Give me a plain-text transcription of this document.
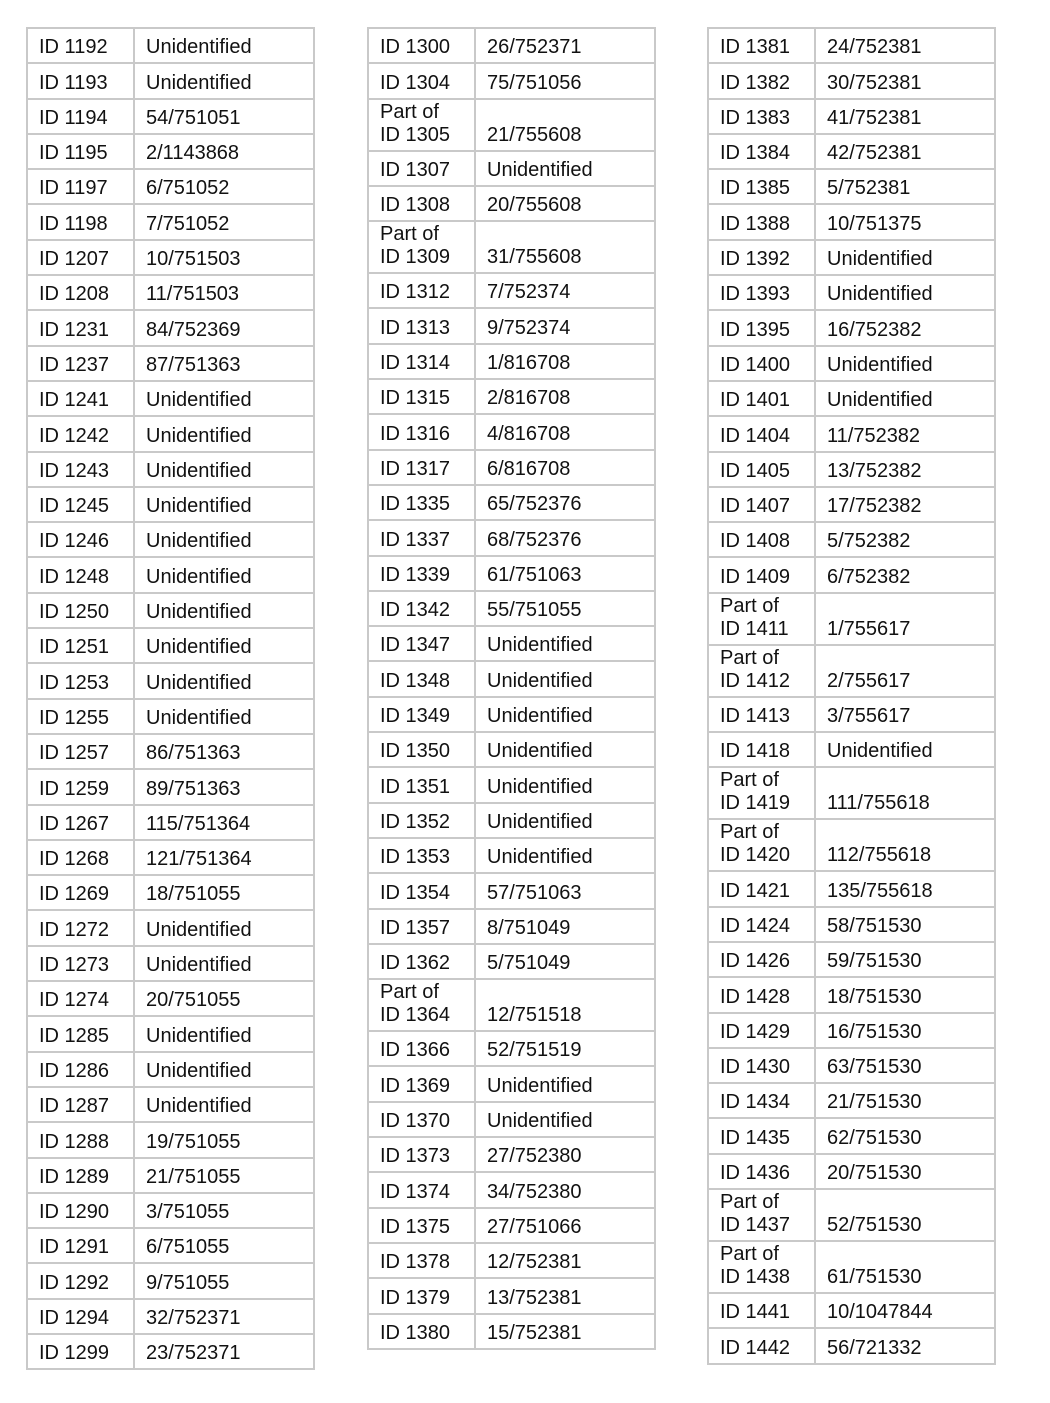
ID 1192	Unidentified

ID 1193	Unidentified

ID 1194	54/751051

ID 1195	2/1143868

ID 1197	6/751052

ID 1198	7/751052

ID 1207	10/751503

ID 1208	11/751503

ID 1231	84/752369

ID 1237	87/751363

ID 1241	Unidentified

ID 1242	Unidentified

ID 1243	Unidentified

ID 1245	Unidentified

ID 1246	Unidentified

ID 1248	Unidentified

ID 1250	Unidentified

ID 1251	Unidentified

ID 1253	Unidentified

ID 1255	Unidentified

ID 1257	86/751363

ID 1259	89/751363

ID 1267	115/751364

ID 1268	121/751364

ID 1269	18/751055

ID 1272	Unidentified

ID 1273	Unidentified

ID 1274	20/751055

ID 1285	Unidentified

ID 1286	Unidentified

ID 1287	Unidentified

ID 1288	19/751055

ID 1289	21/751055

ID 1290	3/751055

ID 1291	6/751055

ID 1292	9/751055

ID 1294	32/752371

ID 1299	23/752371
ID 1300	26/752371

ID 1304	75/751056

Part of
ID 1305	21/755608

ID 1307	Unidentified

ID 1308	20/755608

Part of
ID 1309	31/755608

ID 1312	7/752374

ID 1313	9/752374

ID 1314	1/816708

ID 1315	2/816708

ID 1316	4/816708

ID 1317	6/816708

ID 1335	65/752376

ID 1337	68/752376

ID 1339	61/751063

ID 1342	55/751055

ID 1347	Unidentified

ID 1348	Unidentified

ID 1349	Unidentified

ID 1350	Unidentified

ID 1351	Unidentified

ID 1352	Unidentified

ID 1353	Unidentified

ID 1354	57/751063

ID 1357	8/751049

ID 1362	5/751049

Part of
ID 1364	12/751518

ID 1366	52/751519

ID 1369	Unidentified

ID 1370	Unidentified

ID 1373	27/752380

ID 1374	34/752380

ID 1375	27/751066

ID 1378	12/752381

ID 1379	13/752381

ID 1380	15/752381
ID 1381	24/752381

ID 1382	30/752381

ID 1383	41/752381

ID 1384	42/752381

ID 1385	5/752381

ID 1388	10/751375

ID 1392	Unidentified

ID 1393	Unidentified

ID 1395	16/752382

ID 1400	Unidentified

ID 1401	Unidentified

ID 1404	11/752382

ID 1405	13/752382

ID 1407	17/752382

ID 1408	5/752382

ID 1409	6/752382

Part of
ID 1411	1/755617

Part of
ID 1412	2/755617

ID 1413	3/755617

ID 1418	Unidentified

Part of
ID 1419	111/755618

Part of
ID 1420	112/755618

ID 1421	135/755618

ID 1424	58/751530

ID 1426	59/751530

ID 1428	18/751530

ID 1429	16/751530

ID 1430	63/751530

ID 1434	21/751530

ID 1435	62/751530

ID 1436	20/751530

Part of
ID 1437	52/751530

Part of
ID 1438	61/751530

ID 1441	10/1047844

ID 1442	56/721332
